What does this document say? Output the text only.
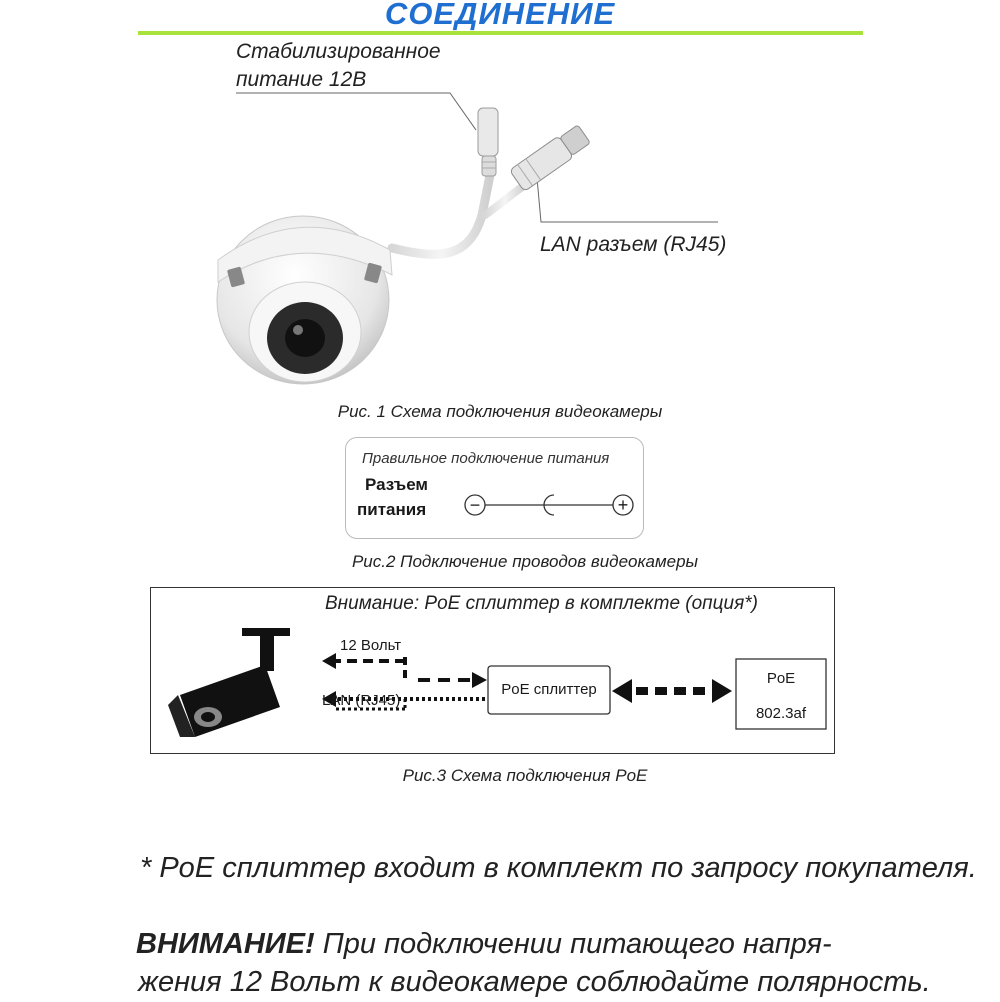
СОЕДИНЕНИЕ
Стабилизированное
питание 12В
LAN разъем (RJ45)
Рис. 1 Схема подключения видеокамеры
Правильное подключение питания
Разъем
питания −	+
Рис.2 Подключение проводов видеокамеры
Внимание: PoE сплиттер в комплекте (опция*)
12 Вольт
LAN (RJ45)
PoE сплиттер
PoE
802.3af
Рис.3 Схема подключения PoE
* PoE сплиттер входит в комплект по запросу покупателя.
ВНИМАНИЕ! При подключении питающего напря-
жения 12 Вольт к видеокамере соблюдайте полярность.
